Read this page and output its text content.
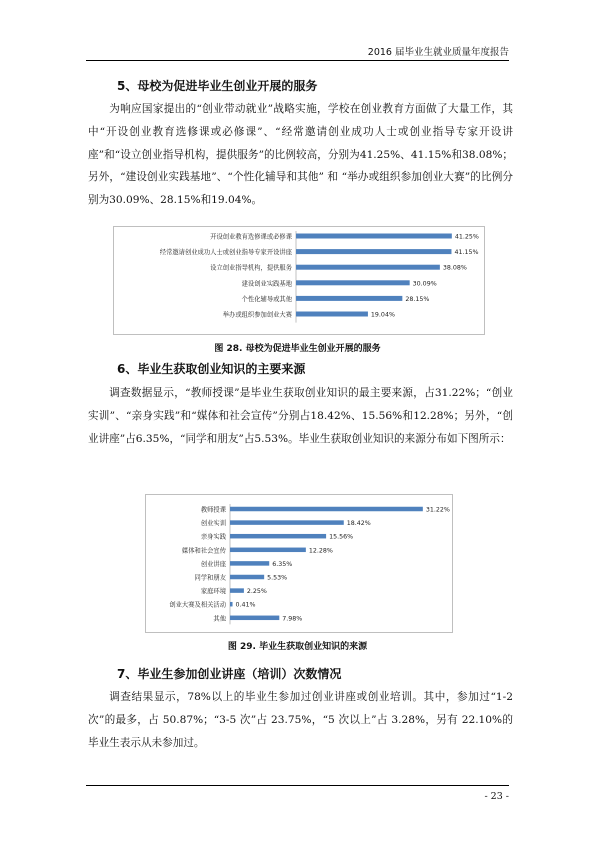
2016 届毕业生就业质量年度报告
5、母校为促进毕业生创业开展的服务
为响应国家提出的“创业带动就业”战略实施，学校在创业教育方面做了大量工作，其中“开设创业教育选修课或必修课”、“经常邀请创业成功人士或创业指导专家开设讲座”和“设立创业指导机构，提供服务”的比例较高，分别为41.25%、41.15%和38.08%；另外，“建设创业实践基地”、“个性化辅导和其他” 和 “举办或组织参加创业大赛”的比例分别为30.09%、28.15%和19.04%。
开设创业教育选修课或必修课	41.25%
经常邀请创业成功人士或创业指导专家开设讲座	41.15%
设立创业指导机构，提供服务	38.08%
建设创业实践基地	30.09%
个性化辅导或其他	28.15%
举办或组织参加创业大赛	19.04%
图 28. 母校为促进毕业生创业开展的服务
6、毕业生获取创业知识的主要来源
调查数据显示，“教师授课”是毕业生获取创业知识的最主要来源，占31.22%；“创业实训”、“亲身实践”和“媒体和社会宣传”分别占18.42%、15.56%和12.28%；另外，“创业讲座”占6.35%，“同学和朋友”占5.53%。毕业生获取创业知识的来源分布如下图所示：
教师授课	31.22%
创业实训	18.42%
亲身实践	15.56%
媒体和社会宣传	12.28%
创业讲座	6.35%
同学和朋友	5.53%
家庭环境	2.25%
创业大赛及相关活动 0.41%
其他	7.98%
图 29. 毕业生获取创业知识的来源
7、毕业生参加创业讲座（培训）次数情况
调查结果显示，78%以上的毕业生参加过创业讲座或创业培训。其中，参加过“1-2 次”的最多，占 50.87%；“3-5 次”占 23.75%，“5 次以上”占 3.28%，另有 22.10%的毕业生表示从未参加过。
- 23 -
